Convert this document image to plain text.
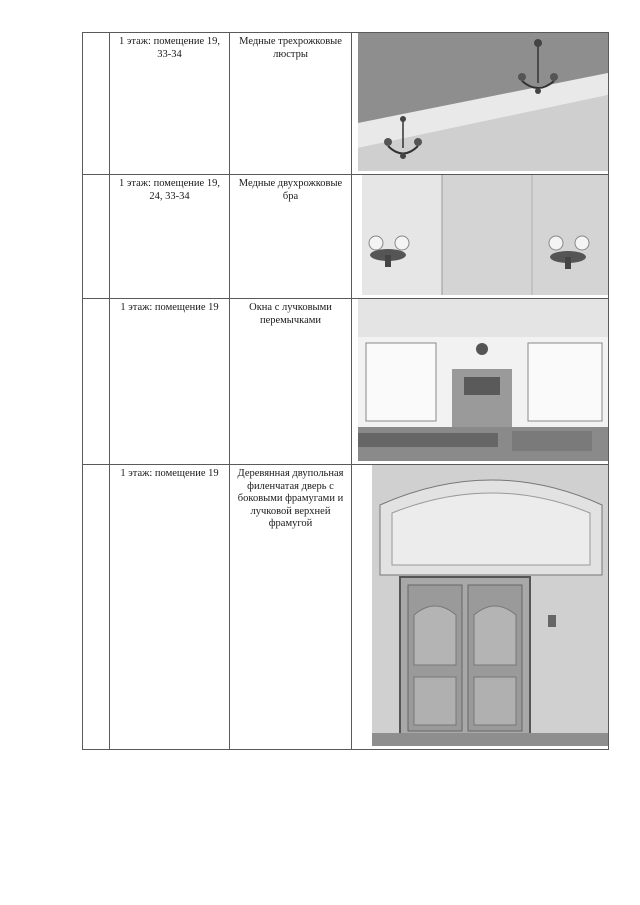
	1 этаж: помещение 19, 33-34	Медные трехрожковые люстры

	1 этаж: помещение 19, 24, 33-34	Медные двухрожковые бра

	1 этаж: помещение 19	Окна с лучковыми перемычками

	1 этаж: помещение 19	Деревянная двупольная филенчатая дверь с боковыми фрамугами и лучковой верхней фрамугой
